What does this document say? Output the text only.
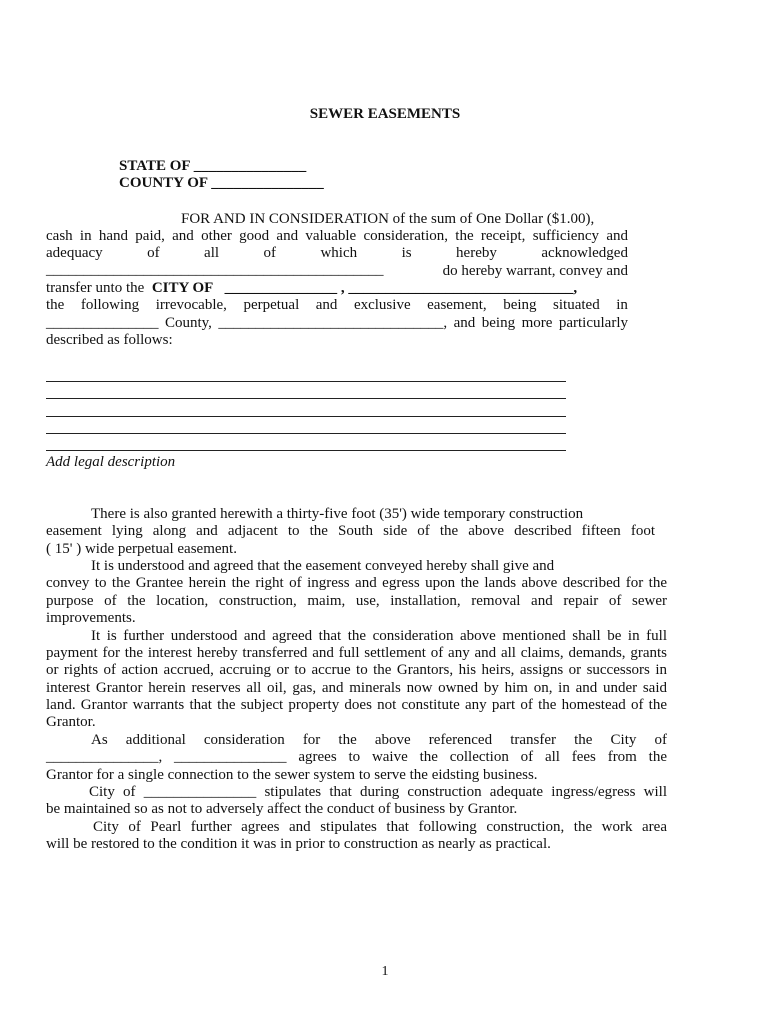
SEWER EASEMENTS
STATE OF _______________
COUNTY OF _______________
FOR AND IN CONSIDERATION of the sum of One Dollar ($1.00),
cash in hand paid, and other good and valuable consideration, the receipt, sufficiency and
adequacy	of	all	of	which	is	hereby	acknowledged
_____________________________________________	do hereby warrant, convey and
transfer unto the CITY OF _______________ , ______________________________,
the following irrevocable, perpetual and exclusive easement, being situated in
_______________ County, ______________________________, and being more particularly
described as follows:
Add legal description
There is also granted herewith a thirty-five foot (35') wide temporary construction
easement lying along and adjacent to the South side of the above described fifteen foot
( 15' ) wide perpetual easement.
It is understood and agreed that the easement conveyed hereby shall give and
convey to the Grantee herein the right of ingress and egress upon the lands above described for the
purpose of the location, construction, maim, use, installation, removal and repair of sewer
improvements.
It is further understood and agreed that the consideration above mentioned shall be in full
payment for the interest hereby transferred and full settlement of any and all claims, demands, grants
or rights of action accrued, accruing or to accrue to the Grantors, his heirs, assigns or successors in
interest Grantor herein reserves all oil, gas, and minerals now owned by him on, in and under said
land. Grantor warrants that the subject property does not constitute any part of the homestead of the
Grantor.
As additional consideration for the above referenced transfer the City of
_______________, _______________ agrees to waive the collection of all fees from the
Grantor for a single connection to the sewer system to serve the eidsting business.
City of _______________ stipulates that during construction adequate ingress/egress will
be maintained so as not to adversely affect the conduct of business by Grantor.
City of Pearl further agrees and stipulates that following construction, the work area
will be restored to the condition it was in prior to construction as nearly as practical.
1
